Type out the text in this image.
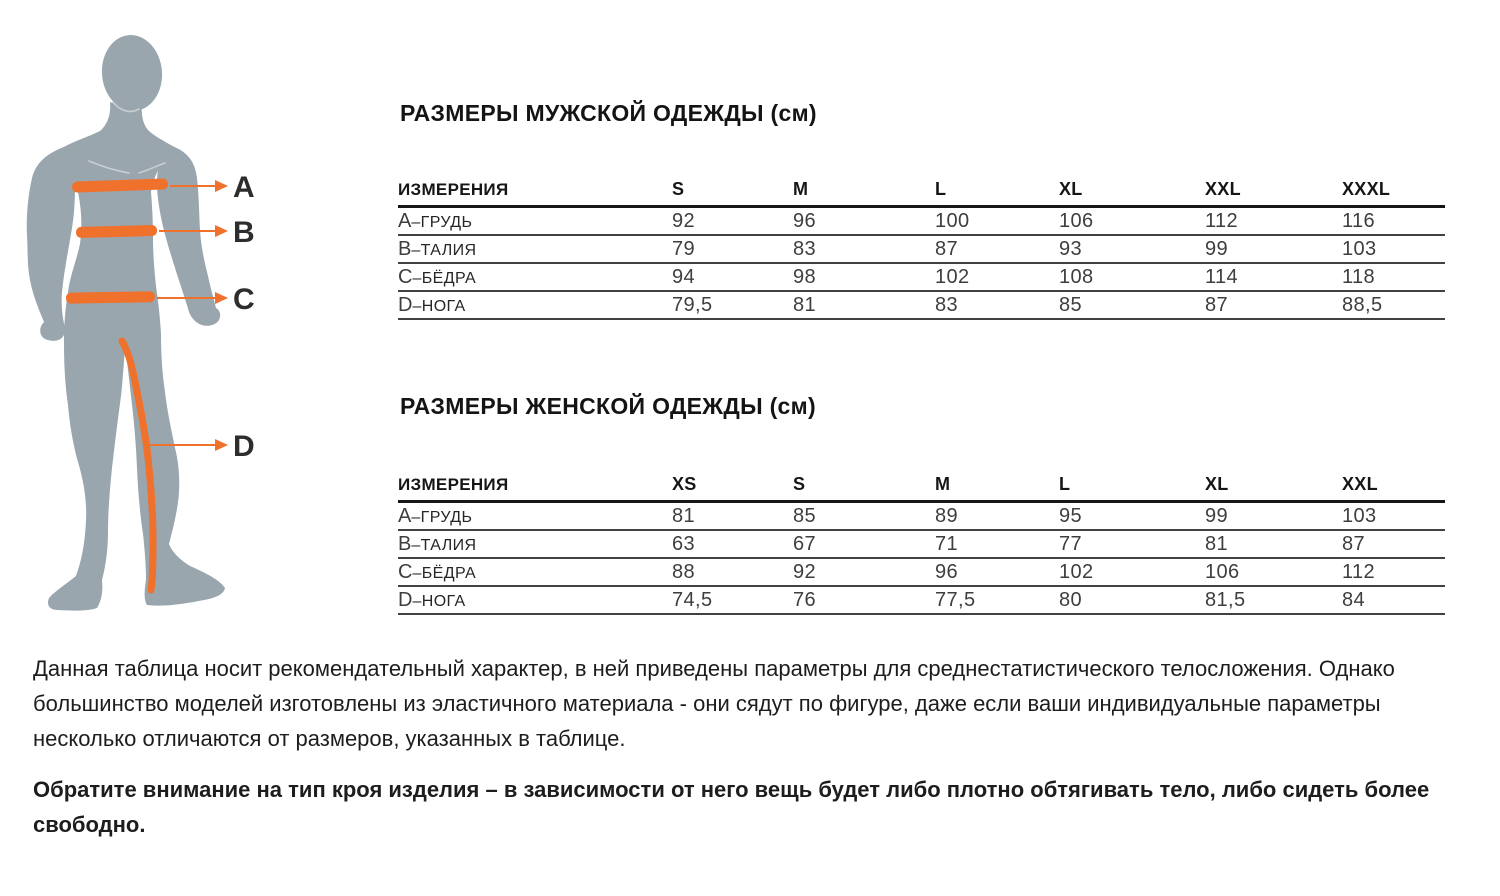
A
B
C
D
РАЗМЕРЫ МУЖСКОЙ ОДЕЖДЫ (см)
ИЗМЕРЕНИЯ	S	M	L	XL	XXL	XXXL
A–ГРУДЬ	92	96	100	106	112	116
B–ТАЛИЯ	79	83	87	93	99	103
C–БЁДРА	94	98	102	108	114	118
D–НОГА	79,5	81	83	85	87	88,5
РАЗМЕРЫ ЖЕНСКОЙ ОДЕЖДЫ (см)
ИЗМЕРЕНИЯ	XS	S	M	L	XL	XXL
A–ГРУДЬ	81	85	89	95	99	103
B–ТАЛИЯ	63	67	71	77	81	87
C–БЁДРА	88	92	96	102	106	112
D–НОГА	74,5	76	77,5	80	81,5	84

Данная таблица носит рекомендательный характер, в ней приведены параметры для среднестатистического телосложения. Однако большинство моделей изготовлены из эластичного материала - они сядут по фигуре, даже если ваши индивидуальные параметры несколько отличаются от размеров, указанных в таблице.

Обратите внимание на тип кроя изделия – в зависимости от него вещь будет либо плотно обтягивать тело, либо сидеть более свободно.
